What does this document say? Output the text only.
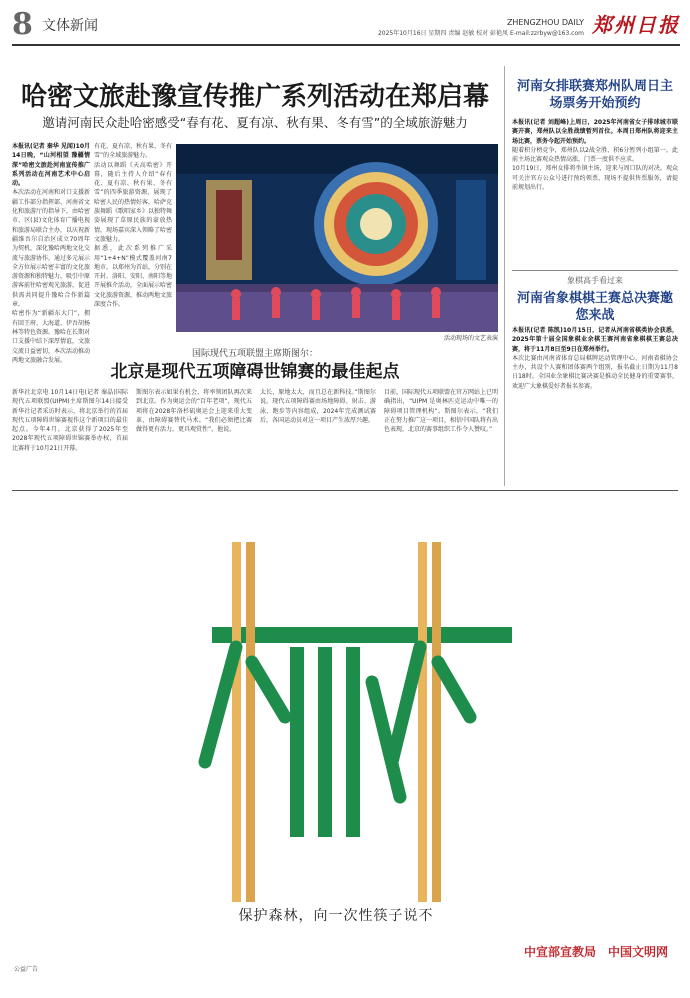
8 文体新闻	ZHENGZHOU DAILY
2025年10月16日 星期四 责编 赵敏 校对 彭艳凤 E-mail:zzrbyw@163.com 郑州日报
哈密文旅赴豫宣传推广系列活动在郑启幕
邀请河南民众赴哈密感受“春有花、夏有凉、秋有果、冬有雪”的全域旅游魅力

本报讯(记者 秦华 见闻)10月14日晚，“山河相望 豫疆情深”哈密文旅赴河南宣传推广系列活动在河南艺术中心启动。

本次活动在河南和对口支援新疆工作部分指挥部、河南省文化和旅游厅的指导下，由哈密市、区(县)文化体育广播电视和旅游局联合主办，以庆祝新疆维吾尔自治区成立70周年为契机，深化豫哈两地文化交流与旅游协作，通过多元展示全方位展示哈密丰富的文化旅游资源和独特魅力，吸引中原游客前往哈密观光旅游，促进供需共同提升豫哈合作新篇章。

哈密作为“新疆东大门”，拥有回王府、大海道、伊吾胡杨林等特色资源。豫哈在长期对口支援中结下深厚情谊，文旅交流日益密切，本次活动推动两地文旅融合发展。

有花、夏有凉、秋有果、冬有雪”的全域旅游魅力。

活动以舞蹈《天高哈密》开幕，随后主持人介绍“春有花、夏有凉、秋有果、冬有雪”的四季旅游资源，展现了哈密人民的热情好客，哈萨克族舞蹈《歌唱家乡》以独特舞姿展现了草原民族的豪放热情，现场嘉宾深入领略了哈密文旅魅力。

据悉，此次系列推广采用“1+4+N”模式覆盖河南7地市，以郑州为首站，分别在开封、洛阳、安阳、南阳等地开展推介活动，全面展示哈密文化旅游资源，推动两地文旅深度合作。

活动现场的文艺表演
国际现代五项联盟主席斯图尔：
北京是现代五项障碍世锦赛的最佳起点

新华社北京电 10月14日电(记者 秦晶)国际现代五项联盟(UIPM)主席斯图尔14日接受新华社记者采访时表示，将北京举行的首届现代五项障碍世锦赛视作这个新项目的最佳起点。今年4月，北京获得了2025年至2028年现代五项障碍世锦赛举办权，首届比赛将于10月21日开幕。

斯图尔表示如果有机会，将率领团队再次来到北京。作为奥运会的“百年老项”，现代五项将在2028年洛杉矶奥运会上迎来重大变革，由障碍赛替代马术。“我们必须把比赛做得更有活力，更具观赏性”，他说。

太长，原地太大，而且总在新科技。”斯图尔说。现代五项障碍赛由场地障碍、射击、游泳、跑步等内容组成，2024年完成测试赛后，各国运动员对这一项目产生浓厚兴趣。

目前，国际现代五项联盟在官方网站上已明确指出，“UIPM 是奥林匹克运动中唯一的障碍项目管理机构”。斯图尔表示，“我们正在努力推广这一项目，相信中国队将有出色表现，北京的赛事组织工作令人赞叹。”

河南女排联赛郑州队周日主场票务开始预约

本报讯(记者 刘超峰)上周日，2025年河南省女子排球城市联赛开赛，郑州队以全胜战绩暂列首位。本周日郑州队将迎来主场比赛，票务今起开始预约。

随着积分榜竞争，郑州队以2战全胜、积6分暂列小组第一。此前主场比赛观众热情高涨，门票一度供不应求。

10月19日，郑州女排将坐镇主场，迎来与周口队的对决。观众可关注官方公众号进行预约领票，现场不提供售票服务，请提前规划出行。

象棋高手看过来
河南省象棋棋王赛总决赛邀您来战

本报讯(记者 陈凯)10月15日，记者从河南省棋类协会获悉，2025年第十届全国象棋业余棋王赛河南省象棋棋王赛总决赛，将于11月8日至9日在郑州举行。

本次比赛由河南省体育总局棋牌运动管理中心、河南省棋协会主办，共设个人赛和团体赛两个组别，报名截止日期为11月8日18时。全国业余象棋比赛决赛是推动全民健身的重要赛事，欢迎广大象棋爱好者报名参赛。

保护森林，向一次性筷子说不
中宣部宣教局　中国文明网
公益广告
